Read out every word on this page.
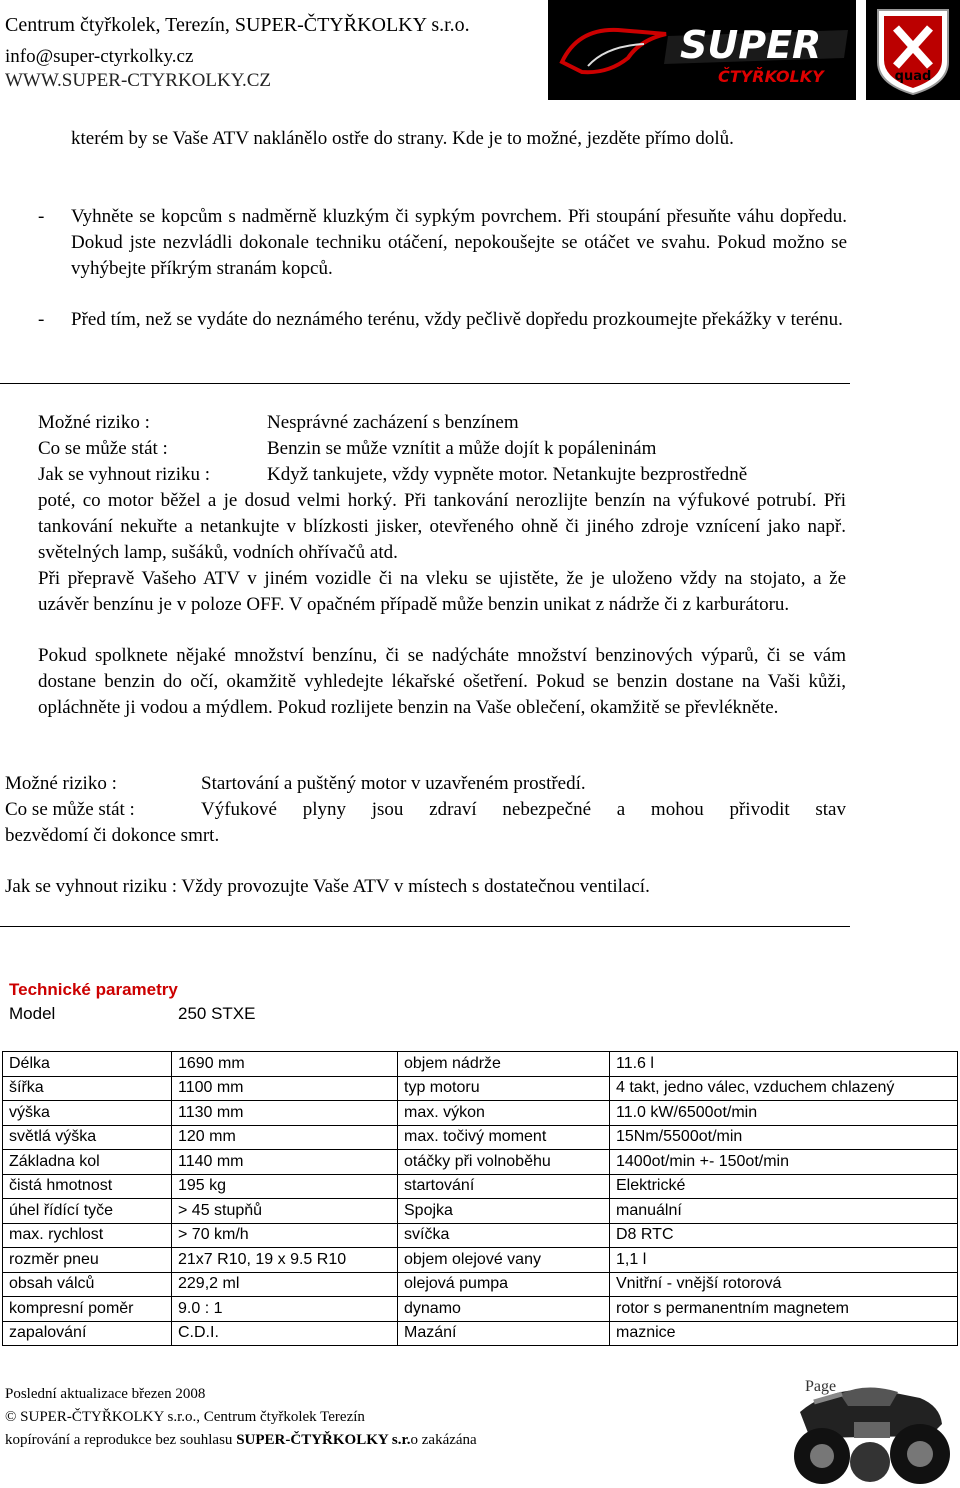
Centrum čtyřkolek, Terezín, SUPER-ČTYŘKOLKY s.r.o.
info@super-ctyrkolky.cz
WWW.SUPER-CTYRKOLKY.CZ
SUPER
ČTYŘKOLKY	quad
kterém by se Vaše ATV naklánělo ostře do strany. Kde je to možné, jezděte přímo dolů.
- Vyhněte se kopcům s nadměrně kluzkým či sypkým povrchem. Při stoupání přesuňte váhu dopředu. Dokud jste nezvládli dokonale techniku otáčení, nepokoušejte se otáčet ve svahu. Pokud možno se vyhýbejte příkrým stranám kopců.
- Před tím, než se vydáte do neznámého terénu, vždy pečlivě dopředu prozkoumejte překážky v terénu.
Možné riziko :	Nesprávné zacházení s benzínem
Co se může stát :	Benzin se může vznítit a může dojít k popáleninám
Jak se vyhnout riziku :	Když tankujete, vždy vypněte motor. Netankujte bezprostředně
poté, co motor běžel a je dosud velmi horký. Při tankování nerozlijte benzín na výfukové potrubí. Při tankování nekuřte a netankujte v blízkosti jisker, otevřeného ohně či jiného zdroje vznícení jako např. světelných lamp, sušáků, vodních ohřívačů atd.
Při přepravě Vašeho ATV v jiném vozidle či na vleku se ujistěte, že je uloženo vždy na stojato, a že uzávěr benzínu je v poloze OFF. V opačném případě může benzin unikat z nádrže či z karburátoru.
Pokud spolknete nějaké množství benzínu, či se nadýcháte množství benzinových výparů, či se vám dostane benzin do očí, okamžitě vyhledejte lékařské ošetření. Pokud se benzin dostane na Vaši kůži, opláchněte ji vodou a mýdlem. Pokud rozlijete benzin na Vaše oblečení, okamžitě se převlékněte.
Možné riziko :	Startování a puštěný motor v uzavřeném prostředí.
Co se může stát :	Výfukové plyny jsou zdraví nebezpečné a mohou přivodit stav
bezvědomí či dokonce smrt.
Jak se vyhnout riziku : Vždy provozujte Vaše ATV v místech s dostatečnou ventilací.
Technické parametry
Model	250 STXE
Délka	1690 mm	objem nádrže	11.6 l
šířka	1100 mm	typ motoru	4 takt, jedno válec, vzduchem chlazený
výška	1130 mm	max. výkon	11.0 kW/6500ot/min
světlá výška	120 mm	max. točivý moment	15Nm/5500ot/min
Základna kol	1140 mm	otáčky při volnoběhu	1400ot/min +- 150ot/min
čistá hmotnost	195 kg	startování	Elektrické
úhel řídící tyče	> 45 stupňů	Spojka	manuální
max. rychlost	> 70 km/h	svíčka	D8 RTC
rozměr pneu	21x7 R10, 19 x 9.5 R10	objem olejové vany	1,1 l
obsah válců	229,2 ml	olejová pumpa	Vnitřní - vnější rotorová
kompresní poměr	9.0 : 1	dynamo	rotor s permanentním magnetem
zapalování	C.D.I.	Mazání	maznice
Poslední aktualizace březen 2008
© SUPER-ČTYŘKOLKY s.r.o., Centrum čtyřkolek Terezín
kopírování a reprodukce bez souhlasu SUPER-ČTYŘKOLKY s.r.o zakázána
Page
